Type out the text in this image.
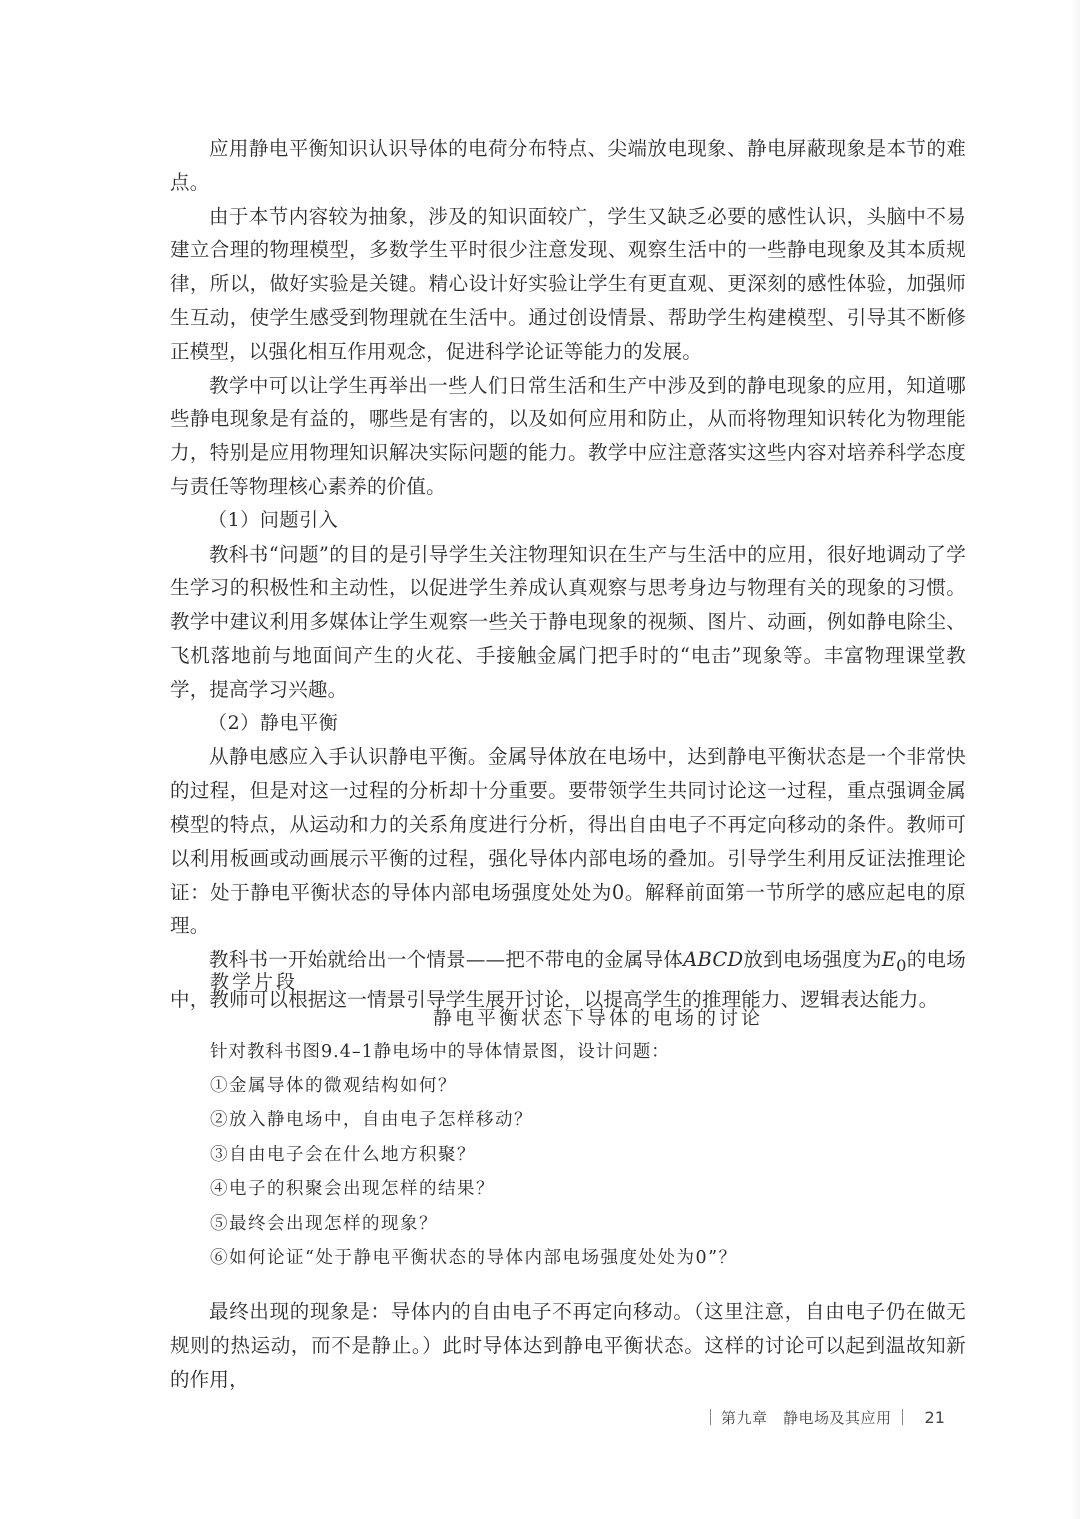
应用静电平衡知识认识导体的电荷分布特点、尖端放电现象、静电屏蔽现象是本节的难点。

由于本节内容较为抽象，涉及的知识面较广，学生又缺乏必要的感性认识，头脑中不易建立合理的物理模型，多数学生平时很少注意发现、观察生活中的一些静电现象及其本质规律，所以，做好实验是关键。精心设计好实验让学生有更直观、更深刻的感性体验，加强师生互动，使学生感受到物理就在生活中。通过创设情景、帮助学生构建模型、引导其不断修正模型，以强化相互作用观念，促进科学论证等能力的发展。

教学中可以让学生再举出一些人们日常生活和生产中涉及到的静电现象的应用，知道哪些静电现象是有益的，哪些是有害的，以及如何应用和防止，从而将物理知识转化为物理能力，特别是应用物理知识解决实际问题的能力。教学中应注意落实这些内容对培养科学态度与责任等物理核心素养的价值。

（1）问题引入

教科书“问题”的目的是引导学生关注物理知识在生产与生活中的应用，很好地调动了学生学习的积极性和主动性，以促进学生养成认真观察与思考身边与物理有关的现象的习惯。教学中建议利用多媒体让学生观察一些关于静电现象的视频、图片、动画，例如静电除尘、飞机落地前与地面间产生的火花、手接触金属门把手时的“电击”现象等。丰富物理课堂教学，提高学习兴趣。

（2）静电平衡

从静电感应入手认识静电平衡。金属导体放在电场中，达到静电平衡状态是一个非常快的过程，但是对这一过程的分析却十分重要。要带领学生共同讨论这一过程，重点强调金属模型的特点，从运动和力的关系角度进行分析，得出自由电子不再定向移动的条件。教师可以利用板画或动画展示平衡的过程，强化导体内部电场的叠加。引导学生利用反证法推理论证：处于静电平衡状态的导体内部电场强度处处为0。解释前面第一节所学的感应起电的原理。

教科书一开始就给出一个情景——把不带电的金属导体ABCD放到电场强度为$E_0$的电场中，教师可以根据这一情景引导学生展开讨论，以提高学生的推理能力、逻辑表达能力。

教学片段

静电平衡状态下导体的电场的讨论

针对教科书图9.4–1静电场中的导体情景图，设计问题：

①金属导体的微观结构如何？
②放入静电场中，自由电子怎样移动？
③自由电子会在什么地方积聚？
④电子的积聚会出现怎样的结果？
⑤最终会出现怎样的现象？
⑥如何论证“处于静电平衡状态的导体内部电场强度处处为0”？

最终出现的现象是：导体内的自由电子不再定向移动。（这里注意，自由电子仍在做无规则的热运动，而不是静止。）此时导体达到静电平衡状态。这样的讨论可以起到温故知新的作用，

第九章　静电场及其应用 21
